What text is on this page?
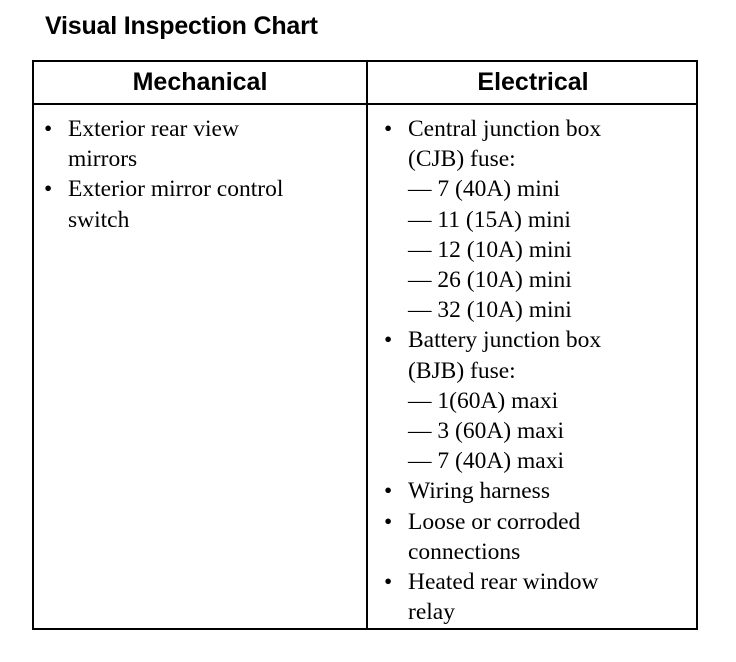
Visual Inspection Chart
Mechanical	Electrical
• Exterior rear view
mirrors
• Exterior mirror control
switch
• Central junction box
(CJB) fuse:
— 7 (40A) mini
— 11 (15A) mini
— 12 (10A) mini
— 26 (10A) mini
— 32 (10A) mini
• Battery junction box
(BJB) fuse:
— 1(60A) maxi
— 3 (60A) maxi
— 7 (40A) maxi
• Wiring harness
• Loose or corroded
connections
• Heated rear window
relay
